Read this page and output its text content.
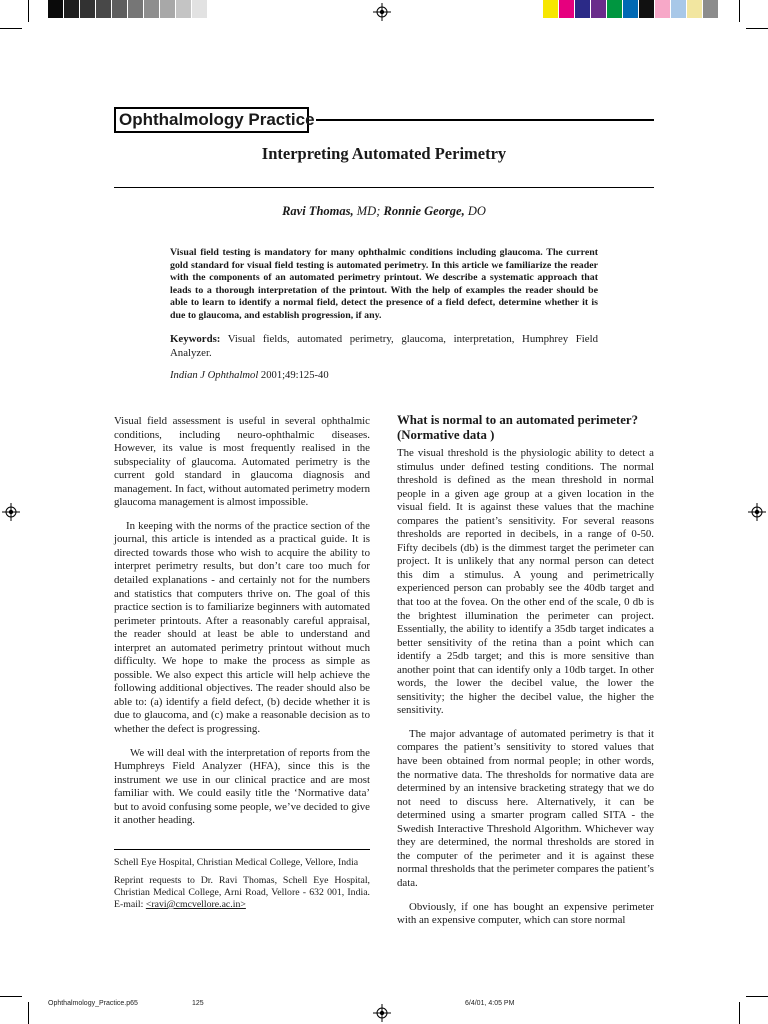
Ophthalmology Practice
Interpreting Automated Perimetry
Ravi Thomas, MD; Ronnie George, DO
Visual field testing is mandatory for many ophthalmic conditions including glaucoma. The current gold standard for visual field testing is automated perimetry. In this article we familiarize the reader with the components of an automated perimetry printout. We describe a systematic approach that leads to a thorough interpretation of the printout. With the help of examples the reader should be able to learn to identify a normal field, detect the presence of a field defect, determine whether it is due to glaucoma, and establish progression, if any.
Keywords: Visual fields, automated perimetry, glaucoma, interpretation, Humphrey Field Analyzer.
Indian J Ophthalmol 2001;49:125-40

Visual field assessment is useful in several ophthalmic conditions, including neuro-ophthalmic diseases. However, its value is most frequently realised in the subspeciality of glaucoma. Automated perimetry is the current gold standard in glaucoma diagnosis and management. In fact, without automated perimetry modern glaucoma management is almost impossible.

In keeping with the norms of the practice section of the journal, this article is intended as a practical guide. It is directed towards those who wish to acquire the ability to interpret perimetry results, but don’t care too much for detailed explanations - and certainly not for the numbers and statistics that computers thrive on. The goal of this practice section is to familiarize beginners with automated perimeter printouts. After a reasonably careful appraisal, the reader should at least be able to understand and interpret an automated perimetry printout without much difficulty. We hope to make the process as simple as possible. We also expect this article will help achieve the following additional objectives. The reader should also be able to: (a) identify a field defect, (b) decide whether it is due to glaucoma, and (c) make a reasonable decision as to whether the defect is progressing.

We will deal with the interpretation of reports from the Humphreys Field Analyzer (HFA), since this is the instrument we use in our clinical practice and are most familiar with. We could easily title the ‘Normative data’ but to avoid confusing some people, we’ve decided to give it another heading.

Schell Eye Hospital, Christian Medical College, Vellore, India
Reprint requests to Dr. Ravi Thomas, Schell Eye Hospital, Christian Medical College, Arni Road, Vellore - 632 001, India. E-mail: <ravi@cmcvellore.ac.in>
What is normal to an automated perimeter? (Normative data )

The visual threshold is the physiologic ability to detect a stimulus under defined testing conditions. The normal threshold is defined as the mean threshold in normal people in a given age group at a given location in the visual field. It is against these values that the machine compares the patient’s sensitivity. For several reasons thresholds are reported in decibels, in a range of 0-50. Fifty decibels (db) is the dimmest target the perimeter can project. It is unlikely that any normal person can detect this dim a stimulus. A young and perimetrically experienced person can probably see the 40db target and that too at the fovea. On the other end of the scale, 0 db is the brightest illumination the perimeter can project. Essentially, the ability to identify a 35db target indicates a better sensitivity of the retina than a point which can identify a 25db target; and this is more sensitive than another point that can identify only a 10db target. In other words, the lower the decibel value, the lower the sensitivity; the higher the decibel value, the higher the sensitivity.

The major advantage of automated perimetry is that it compares the patient’s sensitivity to stored values that have been obtained from normal people; in other words, the normative data. The thresholds for normative data are determined by an intensive bracketing strategy that we do not need to discuss here. Alternatively, it can be determined using a smarter program called SITA - the Swedish Interactive Threshold Algorithm. Whichever way they are determined, the normal thresholds are stored in the computer of the perimeter and it is against these normal thresholds that the perimeter compares the patient’s data.

Obviously, if one has bought an expensive perimeter with an expensive computer, which can store normal

Ophthalmology_Practice.p65	125	6/4/01, 4:05 PM
